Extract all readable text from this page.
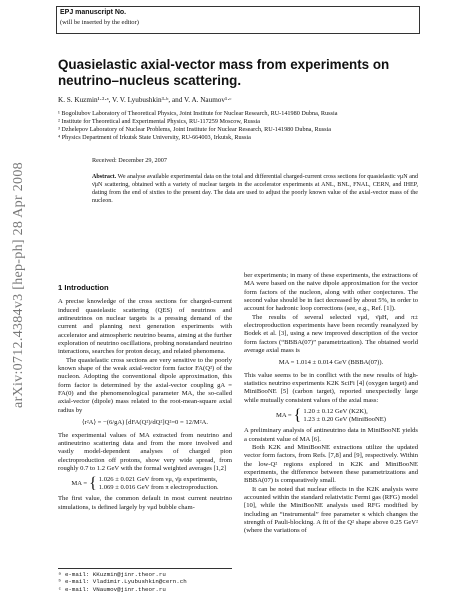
EPJ manuscript No.
(will be inserted by the editor)
arXiv:0712.4384v3 [hep-ph] 28 Apr 2008
Quasielastic axial-vector mass from experiments on neutrino–nucleus scattering.
K. S. Kuzmin¹·²·ᵃ, V. V. Lyubushkin³·ᵇ, and V. A. Naumov¹·ᶜ
¹ Bogoliubov Laboratory of Theoretical Physics, Joint Institute for Nuclear Research, RU-141980 Dubna, Russia
² Institute for Theoretical and Experimental Physics, RU-117259 Moscow, Russia
³ Dzhelepov Laboratory of Nuclear Problems, Joint Institute for Nuclear Research, RU-141980 Dubna, Russia
⁴ Physics Department of Irkutsk State University, RU-664003, Irkutsk, Russia
Received: December 29, 2007
Abstract. We analyse available experimental data on the total and differential charged-current cross sections for quasielastic νμN and ν̄μN scattering, obtained with a variety of nuclear targets in the accelerator experiments at ANL, BNL, FNAL, CERN, and IHEP, dating from the end of sixties to the present day. The data are used to adjust the poorly known value of the axial-vector mass of the nucleon.
1 Introduction

A precise knowledge of the cross sections for charged-current induced quasielastic scattering (QES) of neutrinos and antineutrinos on nuclear targets is a pressing demand of the current and planning next generation experiments with accelerator and atmospheric neutrino beams, aiming at the further exploration of neutrino oscillations, probing nonstandard neutrino interactions, searches for proton decay, and related phenomena.

The quasielastic cross sections are very sensitive to the poorly known shape of the weak axial-vector form factor FA(Q²) of the nucleon. Adopting the conventional dipole approximation, this form factor is determined by the axial-vector coupling gA = FA(0) and the phenomenological parameter MA, the so-called axial-vector (dipole) mass related to the root-mean-square axial radius by

⟨r²A⟩ = −(6/gA) [dFA(Q²)/dQ²]Q²=0 = 12/M²A.

The experimental values of MA extracted from neutrino and antineutrino scattering data and from the more involved and vastly model-dependent analyses of charged pion electroproduction off protons, show very wide spread, from roughly 0.7 to 1.2 GeV with the formal weighted averages [1,2]

MA = { 1.026 ± 0.021 GeV from νμ, ν̄μ experiments,
1.069 ± 0.016 GeV from π electroproduction.

The first value, the common default in most current neutrino simulations, is defined largely by νμd bubble cham-

ᵃ e-mail: KKuzmin@jinr.theor.ru
ᵇ e-mail: Vladimir.Lyubushkin@cern.ch
ᶜ e-mail: VNaumov@jinr.theor.ru

ber experiments; in many of these experiments, the extractions of MA were based on the naive dipole approximation for the vector form factors of the nucleon, along with other conjectures. The second value should be in fact decreased by about 5%, in order to account for hadronic loop corrections (see, e.g., Ref. [1]).

The results of several selected νμd, ν̄μH, and π± electroproduction experiments have been recently reanalyzed by Bodek et al. [3], using a new improved description of the vector form factors (“BBBA(07)” parametrization). The obtained world average axial mass is

MA = 1.014 ± 0.014 GeV (BBBA(07)).

This value seems to be in conflict with the new results of high-statistics neutrino experiments K2K SciFi [4] (oxygen target) and MiniBooNE [5] (carbon target), reported unexpectedly large while mutually consistent values of the axial mass:

MA = { 1.20 ± 0.12 GeV (K2K),
1.23 ± 0.20 GeV (MiniBooNE)

A preliminary analysis of antineutrino data in MiniBooNE yields a consistent value of MA [6].

Both K2K and MiniBooNE extractions utilize the updated vector form factors, from Refs. [7,8] and [9], respectively. Within the low-Q² regions explored in K2K and MiniBooNE experiments, the difference between these parametrizations and BBBA(07) is comparatively small.

It can be noted that nuclear effects in the K2K analysis were accounted within the standard relativistic Fermi gas (RFG) model [10], while the MiniBooNE analysis used RFG modified by including an “instrumental” free parameter κ which changes the strength of Pauli-blocking. A fit of the Q² shape above 0.25 GeV² (where the variations of
